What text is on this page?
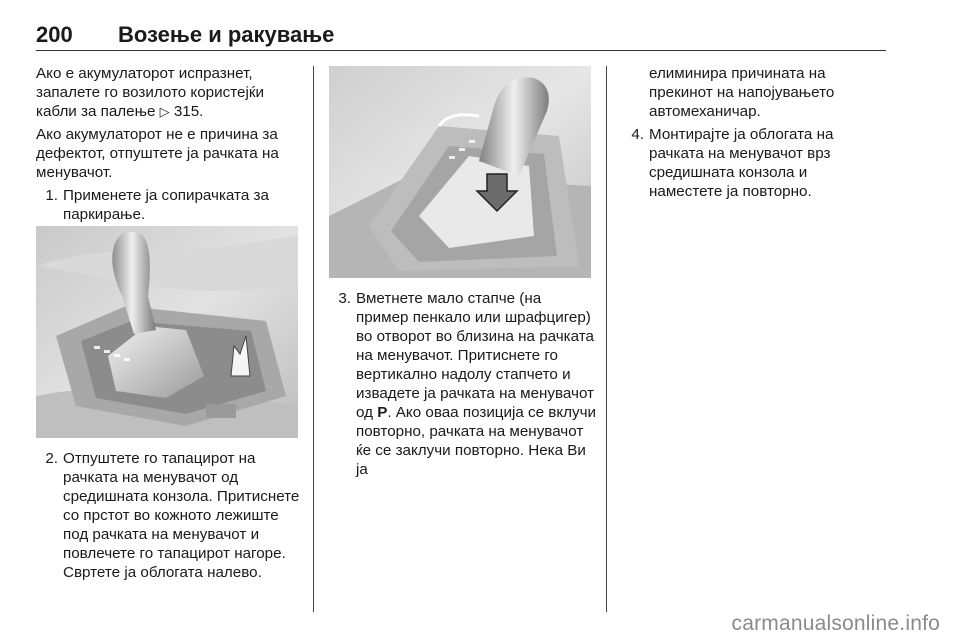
200 Возење и ракување

Ако е акумулаторот испразнет, запалете го возилото користејќи кабли за палење ▷ 315.

Ако акумулаторот не е причина за дефектот, отпуштете ја рачката на менувачот.

1. Применете ја сопирачката за паркирање.
2. Отпуштете го тапацирот на рачката на менувачот од средишната конзола. Притиснете со прстот во кожното лежиште под рачката на менувачот и повлечете го тапацирот нагоре. Свртете ја облогата налево.
3. Вметнете мало стапче (на пример пенкало или шрафцигер) во отворот во близина на рачката на менувачот. Притиснете го вертикално надолу стапчето и извадете ја рачката на менувачот од P. Ако оваа позиција се вклучи повторно, рачката на менувачот ќе се заклучи повторно. Нека Ви ја

елиминира причината на прекинот на напојувањето автомеханичар.

4. Монтирајте ја облогата на рачката на менувачот врз средишната конзола и наместете ја повторно.
carmanualsonline.info
